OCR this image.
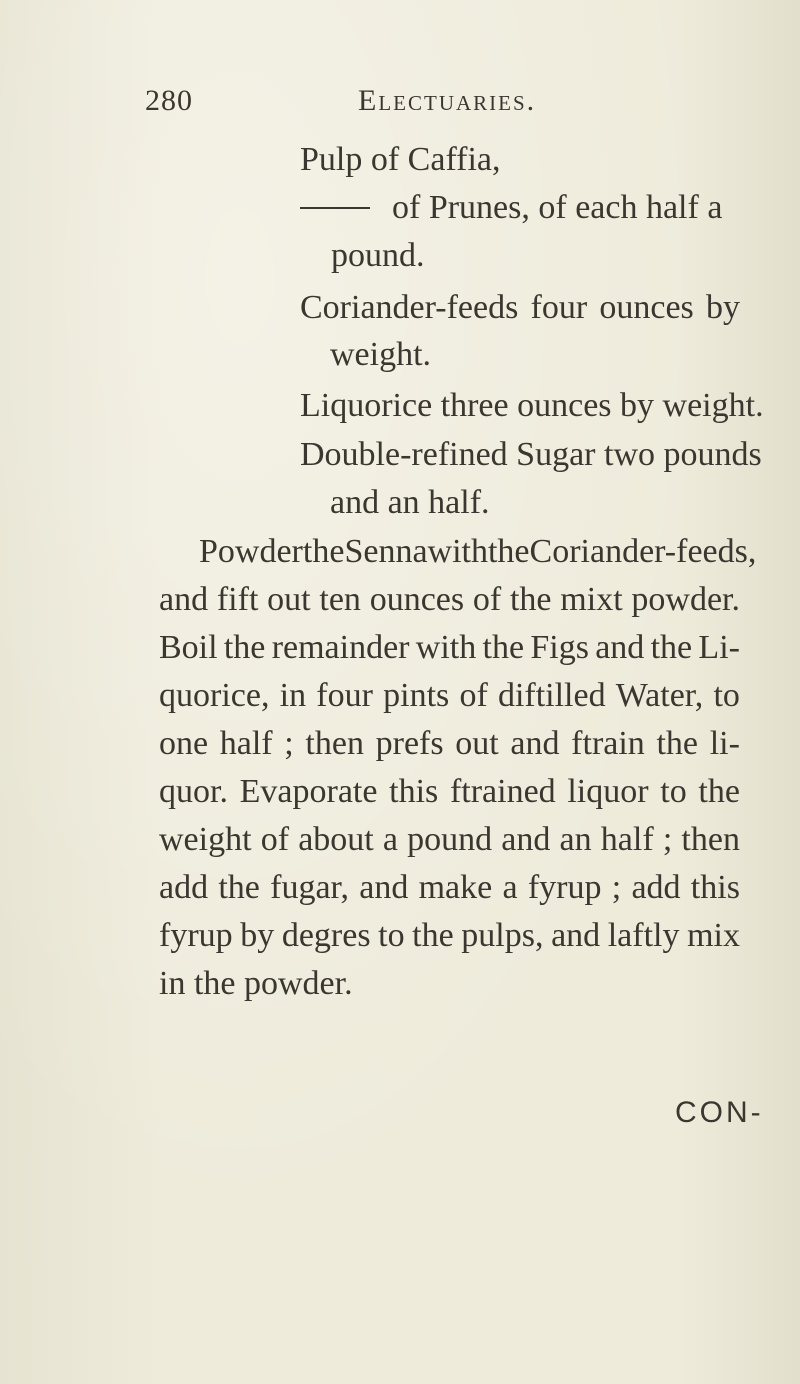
280	Electuaries.
Pulp of Caffia,
of Prunes, of each half a
pound.
Coriander-feeds four ounces by
weight.
Liquorice three ounces by weight.
Double-refined Sugar two pounds
and an half.
Powder the Senna with the Coriander-feeds,
and fift out ten ounces of the mixt powder.
Boil the remainder with the Figs and the Li-
quorice, in four pints of diftilled Water, to
one half ; then prefs out and ftrain the li-
quor. Evaporate this ftrained liquor to the
weight of about a pound and an half ; then
add the fugar, and make a fyrup ; add this
fyrup by degres to the pulps, and laftly mix
in the powder.
CON-
